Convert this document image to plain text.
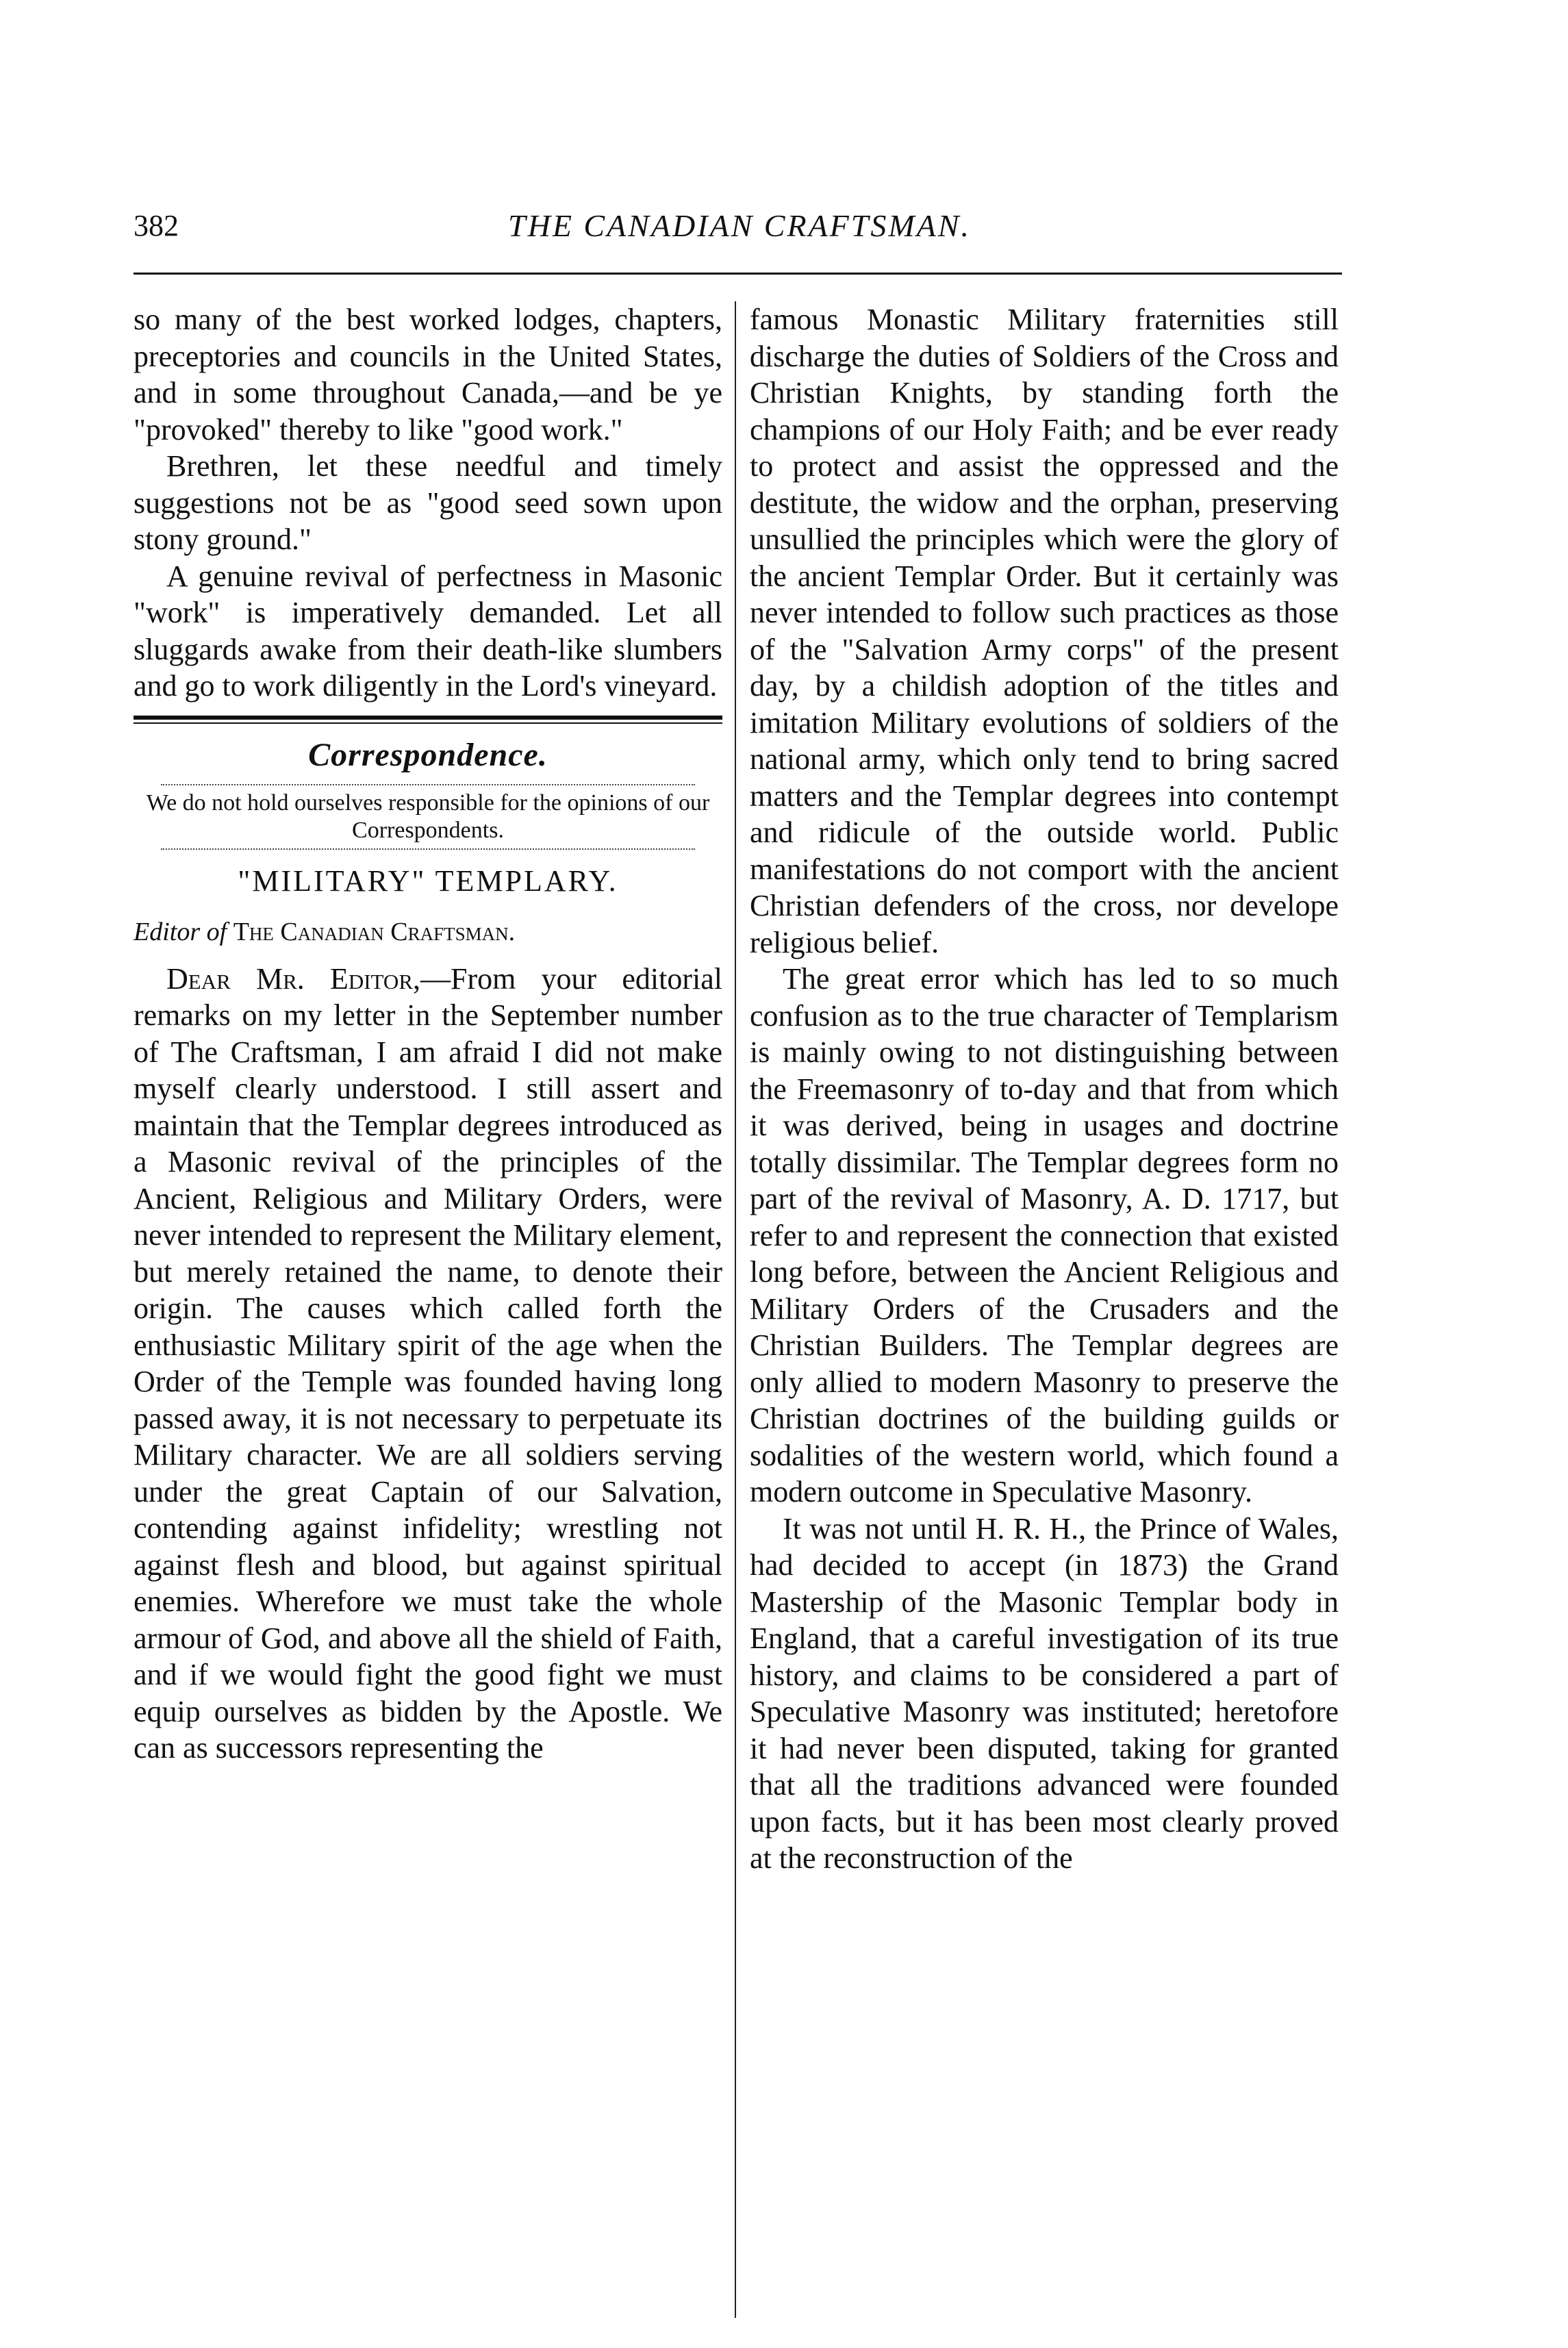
382	THE CANADIAN CRAFTSMAN.

so many of the best worked lodges, chapters, preceptories and councils in the United States, and in some throughout Canada,—and be ye "provoked" thereby to like "good work."

Brethren, let these needful and timely suggestions not be as "good seed sown upon stony ground."

A genuine revival of perfectness in Masonic "work" is imperatively demanded. Let all sluggards awake from their death-like slumbers and go to work diligently in the Lord's vineyard.

Correspondence.
We do not hold ourselves responsible for the opinions of our Correspondents.
"MILITARY" TEMPLARY.
Editor of The Canadian Craftsman.

Dear Mr. Editor,—From your editorial remarks on my letter in the September number of The Craftsman, I am afraid I did not make myself clearly understood. I still assert and maintain that the Templar degrees introduced as a Masonic revival of the principles of the Ancient, Religious and Military Orders, were never intended to represent the Military element, but merely retained the name, to denote their origin. The causes which called forth the enthusiastic Military spirit of the age when the Order of the Temple was founded having long passed away, it is not necessary to perpetuate its Military character. We are all soldiers serving under the great Captain of our Salvation, contending against infidelity; wrestling not against flesh and blood, but against spiritual enemies. Wherefore we must take the whole armour of God, and above all the shield of Faith, and if we would fight the good fight we must equip ourselves as bidden by the Apostle. We can as successors representing the

famous Monastic Military fraternities still discharge the duties of Soldiers of the Cross and Christian Knights, by standing forth the champions of our Holy Faith; and be ever ready to protect and assist the oppressed and the destitute, the widow and the orphan, preserving unsullied the principles which were the glory of the ancient Templar Order. But it certainly was never intended to follow such practices as those of the "Salvation Army corps" of the present day, by a childish adoption of the titles and imitation Military evolutions of soldiers of the national army, which only tend to bring sacred matters and the Templar degrees into contempt and ridicule of the outside world. Public manifestations do not comport with the ancient Christian defenders of the cross, nor develope religious belief.

The great error which has led to so much confusion as to the true character of Templarism is mainly owing to not distinguishing between the Freemasonry of to-day and that from which it was derived, being in usages and doctrine totally dissimilar. The Templar degrees form no part of the revival of Masonry, A. D. 1717, but refer to and represent the connection that existed long before, between the Ancient Religious and Military Orders of the Crusaders and the Christian Builders. The Templar degrees are only allied to modern Masonry to preserve the Christian doctrines of the building guilds or sodalities of the western world, which found a modern outcome in Speculative Masonry.

It was not until H. R. H., the Prince of Wales, had decided to accept (in 1873) the Grand Mastership of the Masonic Templar body in England, that a careful investigation of its true history, and claims to be considered a part of Speculative Masonry was instituted; heretofore it had never been disputed, taking for granted that all the traditions advanced were founded upon facts, but it has been most clearly proved at the reconstruction of the
